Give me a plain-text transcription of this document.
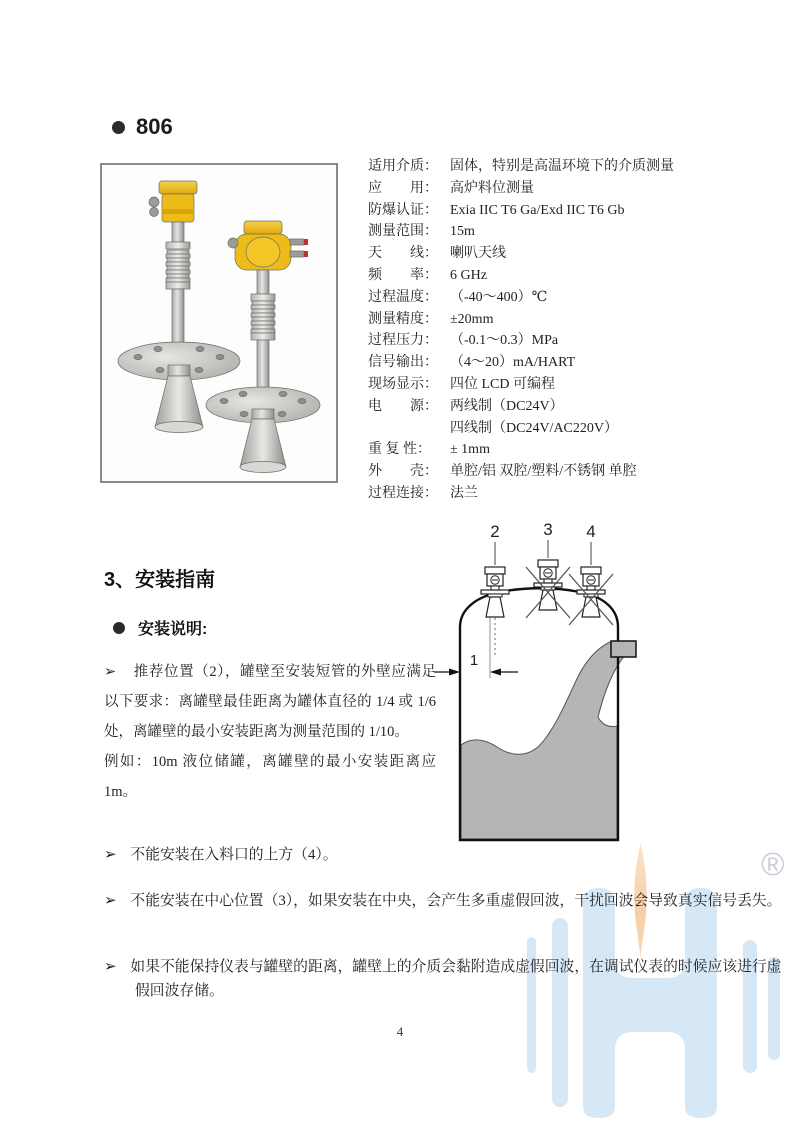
®
806
适用介质： 固体，特别是高温环境下的介质测量
应　　用： 高炉料位测量
防爆认证： Exia IIC T6 Ga/Exd IIC T6 Gb
测量范围： 15m
天　　线： 喇叭天线
频　　率： 6 GHz
过程温度： （-40～400）℃
测量精度： ±20mm
过程压力： （-0.1～0.3）MPa
信号输出： （4～20）mA/HART
现场显示： 四位 LCD 可编程
电　　源： 两线制（DC24V）
四线制（DC24V/AC220V）
重 复 性： ± 1mm
外　　壳： 单腔/铝 双腔/塑料/不锈钢 单腔
过程连接： 法兰
3、安装指南
安装说明:
➢ 推荐位置（2），罐壁至安装短管的外壁应满足以下要求：离罐壁最佳距离为罐体直径的 1/4 或 1/6 处，离罐壁的最小安装距离为测量范围的 1/10。
例如：10m 液位储罐，离罐壁的最小安装距离应 1m。
1
2	3 4
➢ 不能安装在入料口的上方（4）。
➢ 不能安装在中心位置（3），如果安装在中央，会产生多重虚假回波，干扰回波会导致真实信号丢失。
➢ 如果不能保持仪表与罐壁的距离，罐壁上的介质会黏附造成虚假回波，在调试仪表的时候应该进行虚假回波存储。
4
